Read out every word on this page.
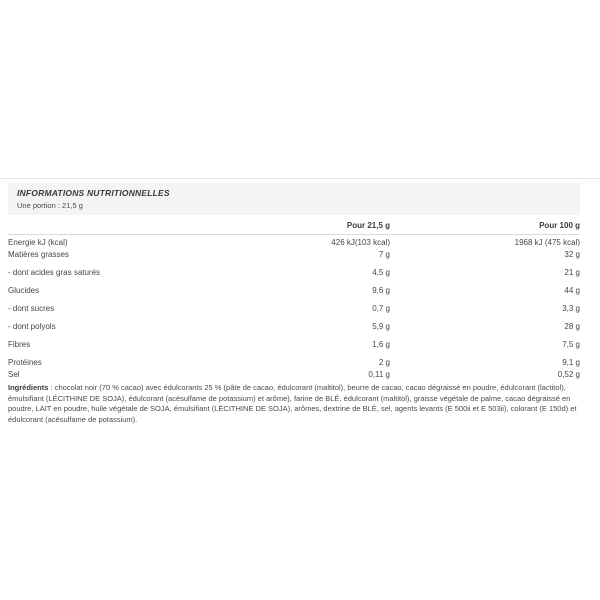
INFORMATIONS NUTRITIONNELLES
Une portion : 21,5 g
Pour 21,5 g	Pour 100 g
Energie kJ (kcal)	426 kJ(103 kcal)	1968 kJ (475 kcal)
Matières grasses	7 g	32 g
- dont acides gras saturés	4,5 g	21 g
Glucides	9,6 g	44 g
- dont sucres	0,7 g	3,3 g
- dont polyols	5,9 g	28 g
Fibres	1,6 g	7,5 g
Protéines	2 g	9,1 g
Sel	0,11 g	0,52 g

Ingrédients : chocolat noir (70 % cacao) avec édulcorants 25 % (pâte de cacao, édulcorant (maltitol), beurre de cacao, cacao dégraissé en poudre, édulcorant (lactitol), émulsifiant (LÉCITHINE DE SOJA), édulcorant (acésulfame de potassium) et arôme), farine de BLÉ, édulcorant (maltitol), graisse végétale de palme, cacao dégraissé en poudre, LAIT en poudre, huile végétale de SOJA, émulsifiant (LÉCITHINE DE SOJA), arômes, dextrine de BLÉ, sel, agents levants (E 500ii et E 503ii), colorant (E 150d) et édulcorant (acésulfame de potassium).
